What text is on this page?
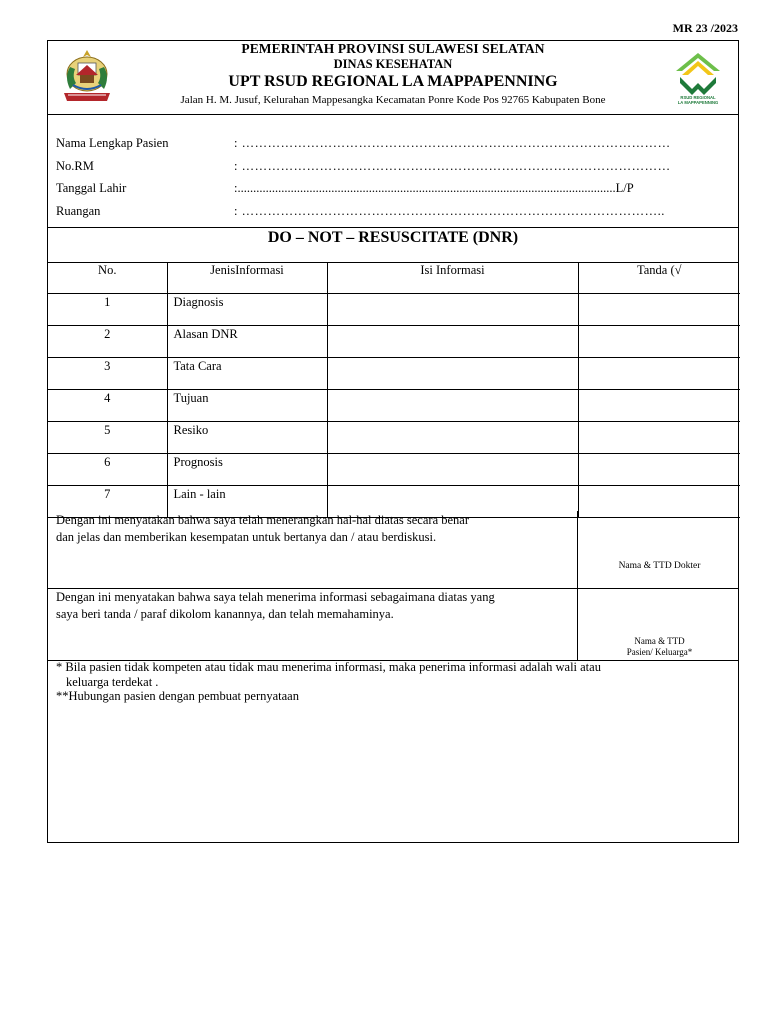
MR 23 /2023
PEMERINTAH PROVINSI SULAWESI SELATAN
DINAS KESEHATAN
UPT RSUD REGIONAL LA MAPPAPENNING
Jalan H. M. Jusuf, Kelurahan Mappesangka Kecamatan Ponre Kode Pos 92765 Kabupaten Bone	RSUD REGIONAL
LA MAPPAPENNING
Nama Lengkap Pasien	: ………………………………………………………………………………………
No.RM	: ………………………………………………………………………………………
Tanggal Lahir	:.........................................................................................................................L/P
Ruangan	: ……………………………………………………………………………………..
DO – NOT – RESUSCITATE (DNR)
No.	JenisInformasi	Isi Informasi	Tanda (√
1	Diagnosis		
2	Alasan DNR		
3	Tata Cara		
4	Tujuan		
5	Resiko		
6	Prognosis		
7	Lain - lain		
Dengan ini menyatakan bahwa saya telah menerangkan hal-hal diatas secara benar
dan jelas dan memberikan kesempatan untuk bertanya dan / atau berdiskusi.
Nama & TTD Dokter
Dengan ini menyatakan bahwa saya telah menerima informasi sebagaimana diatas yang
saya beri tanda / paraf dikolom kanannya, dan telah memahaminya.
Nama & TTD
Pasien/ Keluarga*
* Bila pasien tidak kompeten atau tidak mau menerima informasi, maka penerima informasi adalah wali atau
keluarga terdekat .
**Hubungan pasien dengan pembuat pernyataan
